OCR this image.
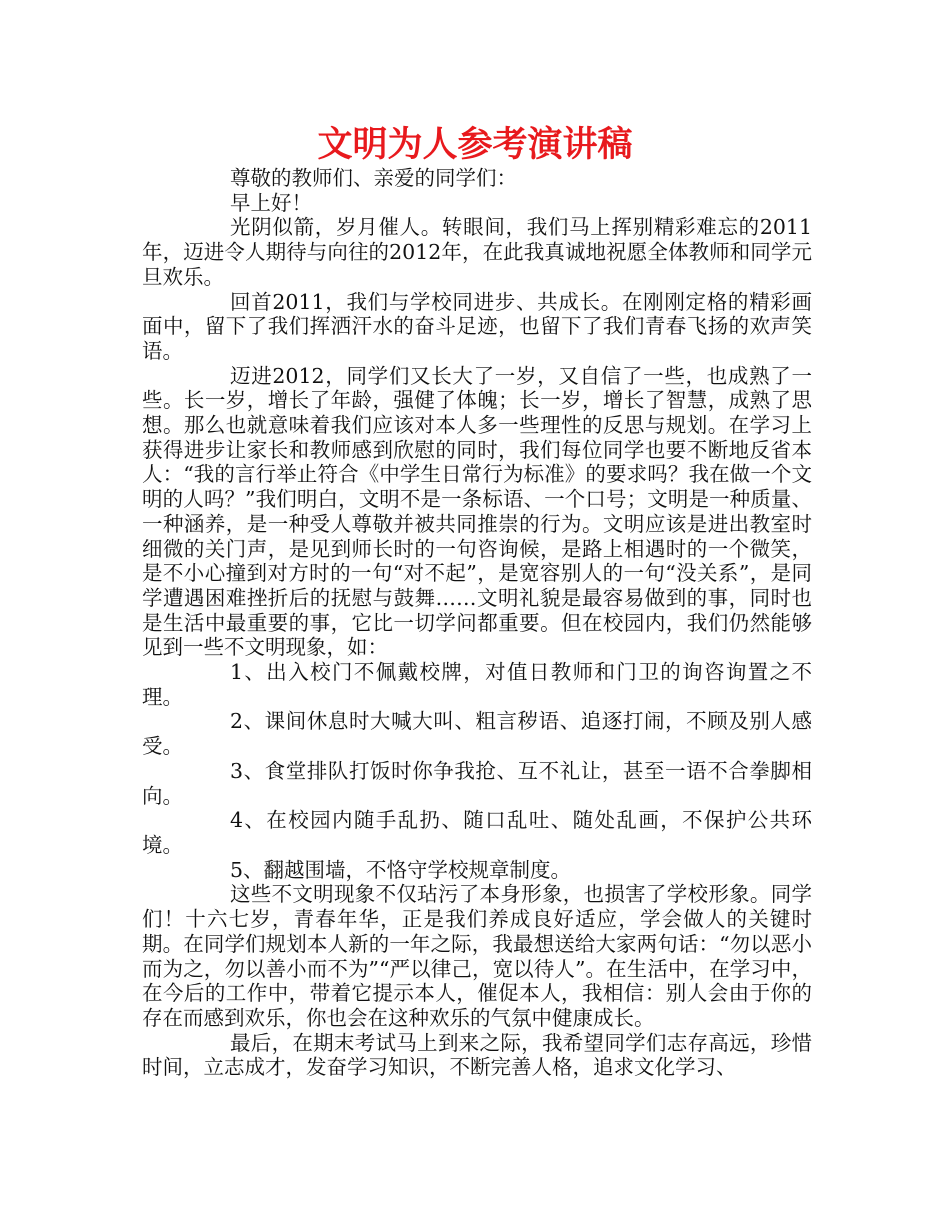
文明为人参考演讲稿

尊敬的教师们、亲爱的同学们：

早上好！

光阴似箭，岁月催人。转眼间，我们马上挥别精彩难忘的2011年，迈进令人期待与向往的2012年，在此我真诚地祝愿全体教师和同学元旦欢乐。

回首2011，我们与学校同进步、共成长。在刚刚定格的精彩画面中，留下了我们挥洒汗水的奋斗足迹，也留下了我们青春飞扬的欢声笑语。

迈进2012，同学们又长大了一岁，又自信了一些，也成熟了一些。长一岁，增长了年龄，强健了体魄；长一岁，增长了智慧，成熟了思想。那么也就意味着我们应该对本人多一些理性的反思与规划。在学习上获得进步让家长和教师感到欣慰的同时，我们每位同学也要不断地反省本人：“我的言行举止符合《中学生日常行为标准》的要求吗？我在做一个文明的人吗？”我们明白，文明不是一条标语、一个口号；文明是一种质量、一种涵养，是一种受人尊敬并被共同推崇的行为。文明应该是进出教室时细微的关门声，是见到师长时的一句咨询候，是路上相遇时的一个微笑，是不小心撞到对方时的一句“对不起”，是宽容别人的一句“没关系”，是同学遭遇困难挫折后的抚慰与鼓舞……文明礼貌是最容易做到的事，同时也是生活中最重要的事，它比一切学问都重要。但在校园内，我们仍然能够见到一些不文明现象，如：

1、出入校门不佩戴校牌，对值日教师和门卫的询咨询置之不理。

2、课间休息时大喊大叫、粗言秽语、追逐打闹，不顾及别人感受。

3、食堂排队打饭时你争我抢、互不礼让，甚至一语不合拳脚相向。

4、在校园内随手乱扔、随口乱吐、随处乱画，不保护公共环境。

5、翻越围墙，不恪守学校规章制度。

这些不文明现象不仅玷污了本身形象，也损害了学校形象。同学们！十六七岁，青春年华，正是我们养成良好适应，学会做人的关键时期。在同学们规划本人新的一年之际，我最想送给大家两句话：“勿以恶小而为之，勿以善小而不为”“严以律己，宽以待人”。在生活中，在学习中，在今后的工作中，带着它提示本人，催促本人，我相信：别人会由于你的存在而感到欢乐，你也会在这种欢乐的气氛中健康成长。

最后，在期末考试马上到来之际，我希望同学们志存高远，珍惜时间，立志成才，发奋学习知识，不断完善人格，追求文化学习、
